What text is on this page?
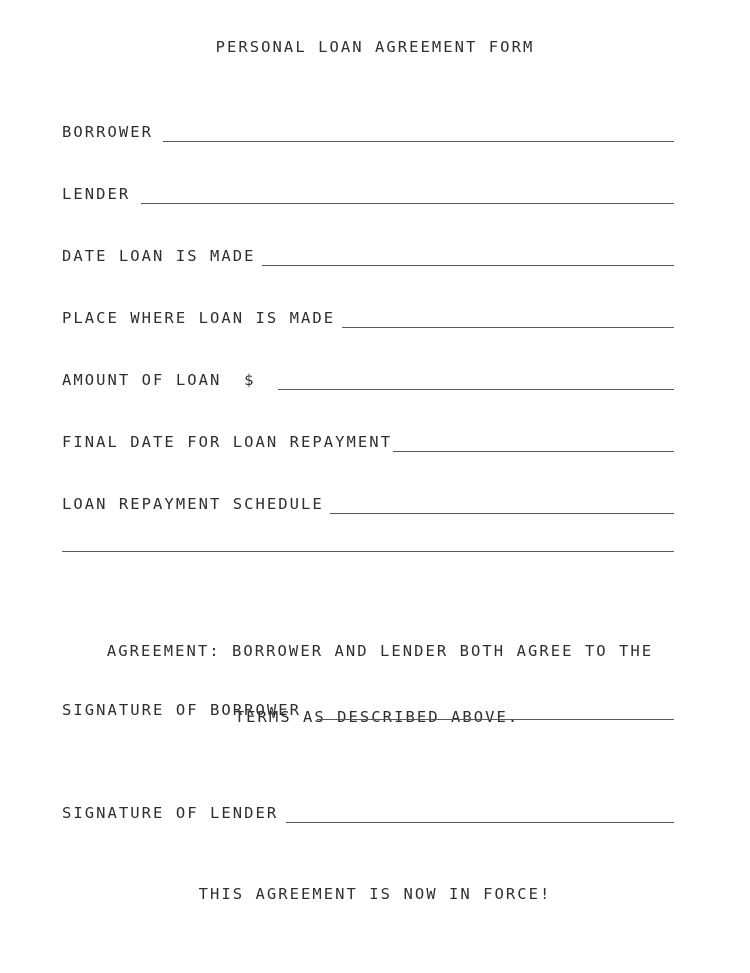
PERSONAL LOAN AGREEMENT FORM
BORROWER
LENDER
DATE LOAN IS MADE
PLACE WHERE LOAN IS MADE
AMOUNT OF LOAN  $
FINAL DATE FOR LOAN REPAYMENT
LOAN REPAYMENT SCHEDULE

AGREEMENT: BORROWER AND LENDER BOTH AGREE TO THE

TERMS AS DESCRIBED ABOVE.

SIGNATURE OF BORROWER
SIGNATURE OF LENDER
THIS AGREEMENT IS NOW IN FORCE!
